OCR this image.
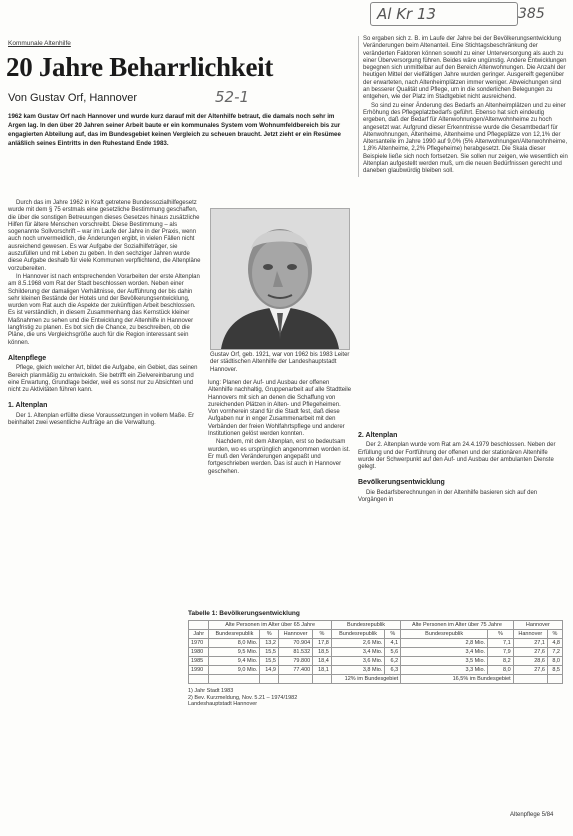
Al Kr 13	385
Kommunale Altenhilfe
20 Jahre Beharrlichkeit
Von Gustav Orf, Hannover	52-1
1962 kam Gustav Orf nach Hannover und wurde kurz darauf mit der Altenhilfe betraut, die damals noch sehr im Argen lag. In den über 20 Jahren seiner Arbeit baute er ein kommunales System vom Wohnumfeldbereich bis zur engagierten Abteilung auf, das im Bundesgebiet keinen Vergleich zu scheuen braucht. Jetzt zieht er ein Resümee anläßlich seines Eintritts in den Ruhestand Ende 1983.

So ergaben sich z. B. im Laufe der Jahre bei der Bevölkerungsentwicklung Veränderungen beim Altenanteil. Eine Stichtagsbeschränkung der veränderten Faktoren können sowohl zu einer Unterversorgung als auch zu einer Überversorgung führen. Beides wäre ungünstig. Andere Entwicklungen begegnen sich unmittelbar auf den Bereich Altenwohnungen. Die Anzahl der heutigen Mittel der vielfältigen Jahre wurden geringer. Ausgereift gegenüber der erwarteten, nach Altenheimplätzen immer weniger. Abweichungen sind an besserer Qualität und Pflege, um in die sonderlichen Belegungen zu entgehen, wie der Platz im Stadtgebiet nicht ausreichend.

So sind zu einer Änderung des Bedarfs an Altenheimplätzen und zu einer Erhöhung des Pflegeplatzbedarfs geführt. Ebenso hat sich eindeutig ergeben, daß der Bedarf für Altenwohnungen/Altenwohnheime zu hoch angesetzt war. Aufgrund dieser Erkenntnisse wurde die Gesamtbedarf für Altenwohnungen, Altenheime, Altenheime und Pflegeplätze von 12,1% der Altersanteile im Jahre 1990 auf 9,0% (5% Altenwohnungen/Altenwohnheime, 1,8% Altenheime, 2,2% Pflegeheime) herabgesetzt. Die Skala dieser Beispiele ließe sich noch fortsetzen. Sie sollen nur zeigen, wie wesentlich ein Altenplan aufgestellt werden muß, um die neuen Bedürfnissen gerecht und daneben glaubwürdig bleiben soll.

Durch das im Jahre 1962 in Kraft getretene Bundessozialhilfegesetz wurde mit dem § 75 erstmals eine gesetzliche Bestimmung geschaffen, die über die sonstigen Betreuungen dieses Gesetzes hinaus zusätzliche Hilfen für ältere Menschen vorschreibt. Diese Bestimmung – als sogenannte Sollvorschrift – war im Laufe der Jahre in der Praxis, wenn auch noch unvermeidlich, die Änderungen ergibt, in vielen Fällen nicht ausreichend gewesen. Es war Aufgabe der Sozialhilfeträger, sie auszufüllen und mit Leben zu geben. In den sechziger Jahren wurde diese Aufgabe deshalb für viele Kommunen verpflichtend, die Altenpläne vorzubereiten.

In Hannover ist nach entsprechenden Vorarbeiten der erste Altenplan am 8.5.1968 vom Rat der Stadt beschlossen worden. Neben einer Schilderung der damaligen Verhältnisse, der Aufführung der bis dahin sehr kleinen Bestände der Hotels und der Bevölkerungsentwicklung, wurden vom Rat auch die Aspekte der zukünftigen Arbeit beschlossen. Es ist verständlich, in diesem Zusammenhang das Kernstück kleiner Maßnahmen zu sehen und die Entwicklung der Altenhilfe in Hannover langfristig zu planen. Es bot sich die Chance, zu beschreiben, ob die Pläne, die uns Vergleichsgröße auch für die Region interessant sein können.

Altenpflege

Pflege, gleich welcher Art, bildet die Aufgabe, ein Gebiet, das seinen Bereich planmäßig zu entwickeln. Sie betrifft ein Zielvereinbarung und eine Erwartung, Grundlage beider, weil es sonst nur zu Absichten und nicht zu Aktivitäten führen kann.

1. Altenplan

Der 1. Altenplan erfüllte diese Voraussetzungen in vollem Maße. Er beinhaltet zwei wesentliche Aufträge an die Verwaltung.

Gustav Orf, geb. 1921, war von 1962 bis 1983 Leiter der städtischen Altenhilfe der Landeshauptstadt Hannover.

lung: Planen der Auf- und Ausbau der offenen Altenhilfe nachhaltig, Gruppenarbeit auf alle Stadtteile Hannovers mit sich an denen die Schaffung von zureichenden Plätzen in Alten- und Pflegeheimen. Von vornherein stand für die Stadt fest, daß diese Aufgaben nur in enger Zusammenarbeit mit den Verbänden der freien Wohlfahrtspflege und anderer Institutionen gelöst werden konnten.

Nachdem, mit dem Altenplan, erst so bedeutsam wurden, wo es ursprünglich angenommen worden ist. Er muß den Veränderungen angepaßt und fortgeschrieben werden. Das ist auch in Hannover geschehen.

2. Altenplan

Der 2. Altenplan wurde vom Rat am 24.4.1979 beschlossen. Neben der Erfüllung und der Fortführung der offenen und der stationären Altenhilfe wurde der Schwerpunkt auf den Auf- und Ausbau der ambulanten Dienste gelegt.

Bevölkerungsentwicklung

Die Bedarfsberechnungen in der Altenhilfe basieren sich auf den Vorgängen in

Tabelle 1: Bevölkerungsentwicklung
	Alte Personen im Alter über 65 Jahre				Bundesrepublik		Alte Personen im Alter über 75 Jahre		Hannover	
Jahr	Bundesrepublik	%	Hannover	%	Bundesrepublik	%	Bundesrepublik	%	Hannover	%
1970	8,0 Mio.	13,2	70.904	17,8	2,6 Mio.	4,1	2,8 Mio.	7,1	27,1	4,8
1980	9,5 Mio.	15,5	81.532	18,5	3,4 Mio.	5,6	3,4 Mio.	7,9	27,6	7,2
1985	9,4 Mio.	15,5	79.800	18,4	3,6 Mio.	6,2	3,5 Mio.	8,2	28,6	8,0
1990	9,0 Mio.	14,9	77.400	18,1	3,8 Mio.	6,3	3,3 Mio.	8,0	27,6	8,5
					12% im Bundesgebiet		16,5% im Bundesgebiet			
1) Jahr Stadt 1983
2) Bev. Kurzmeldung, Nov. 5.21 – 1974/1982
Landeshauptstadt Hannover
Altenpflege 5/84
